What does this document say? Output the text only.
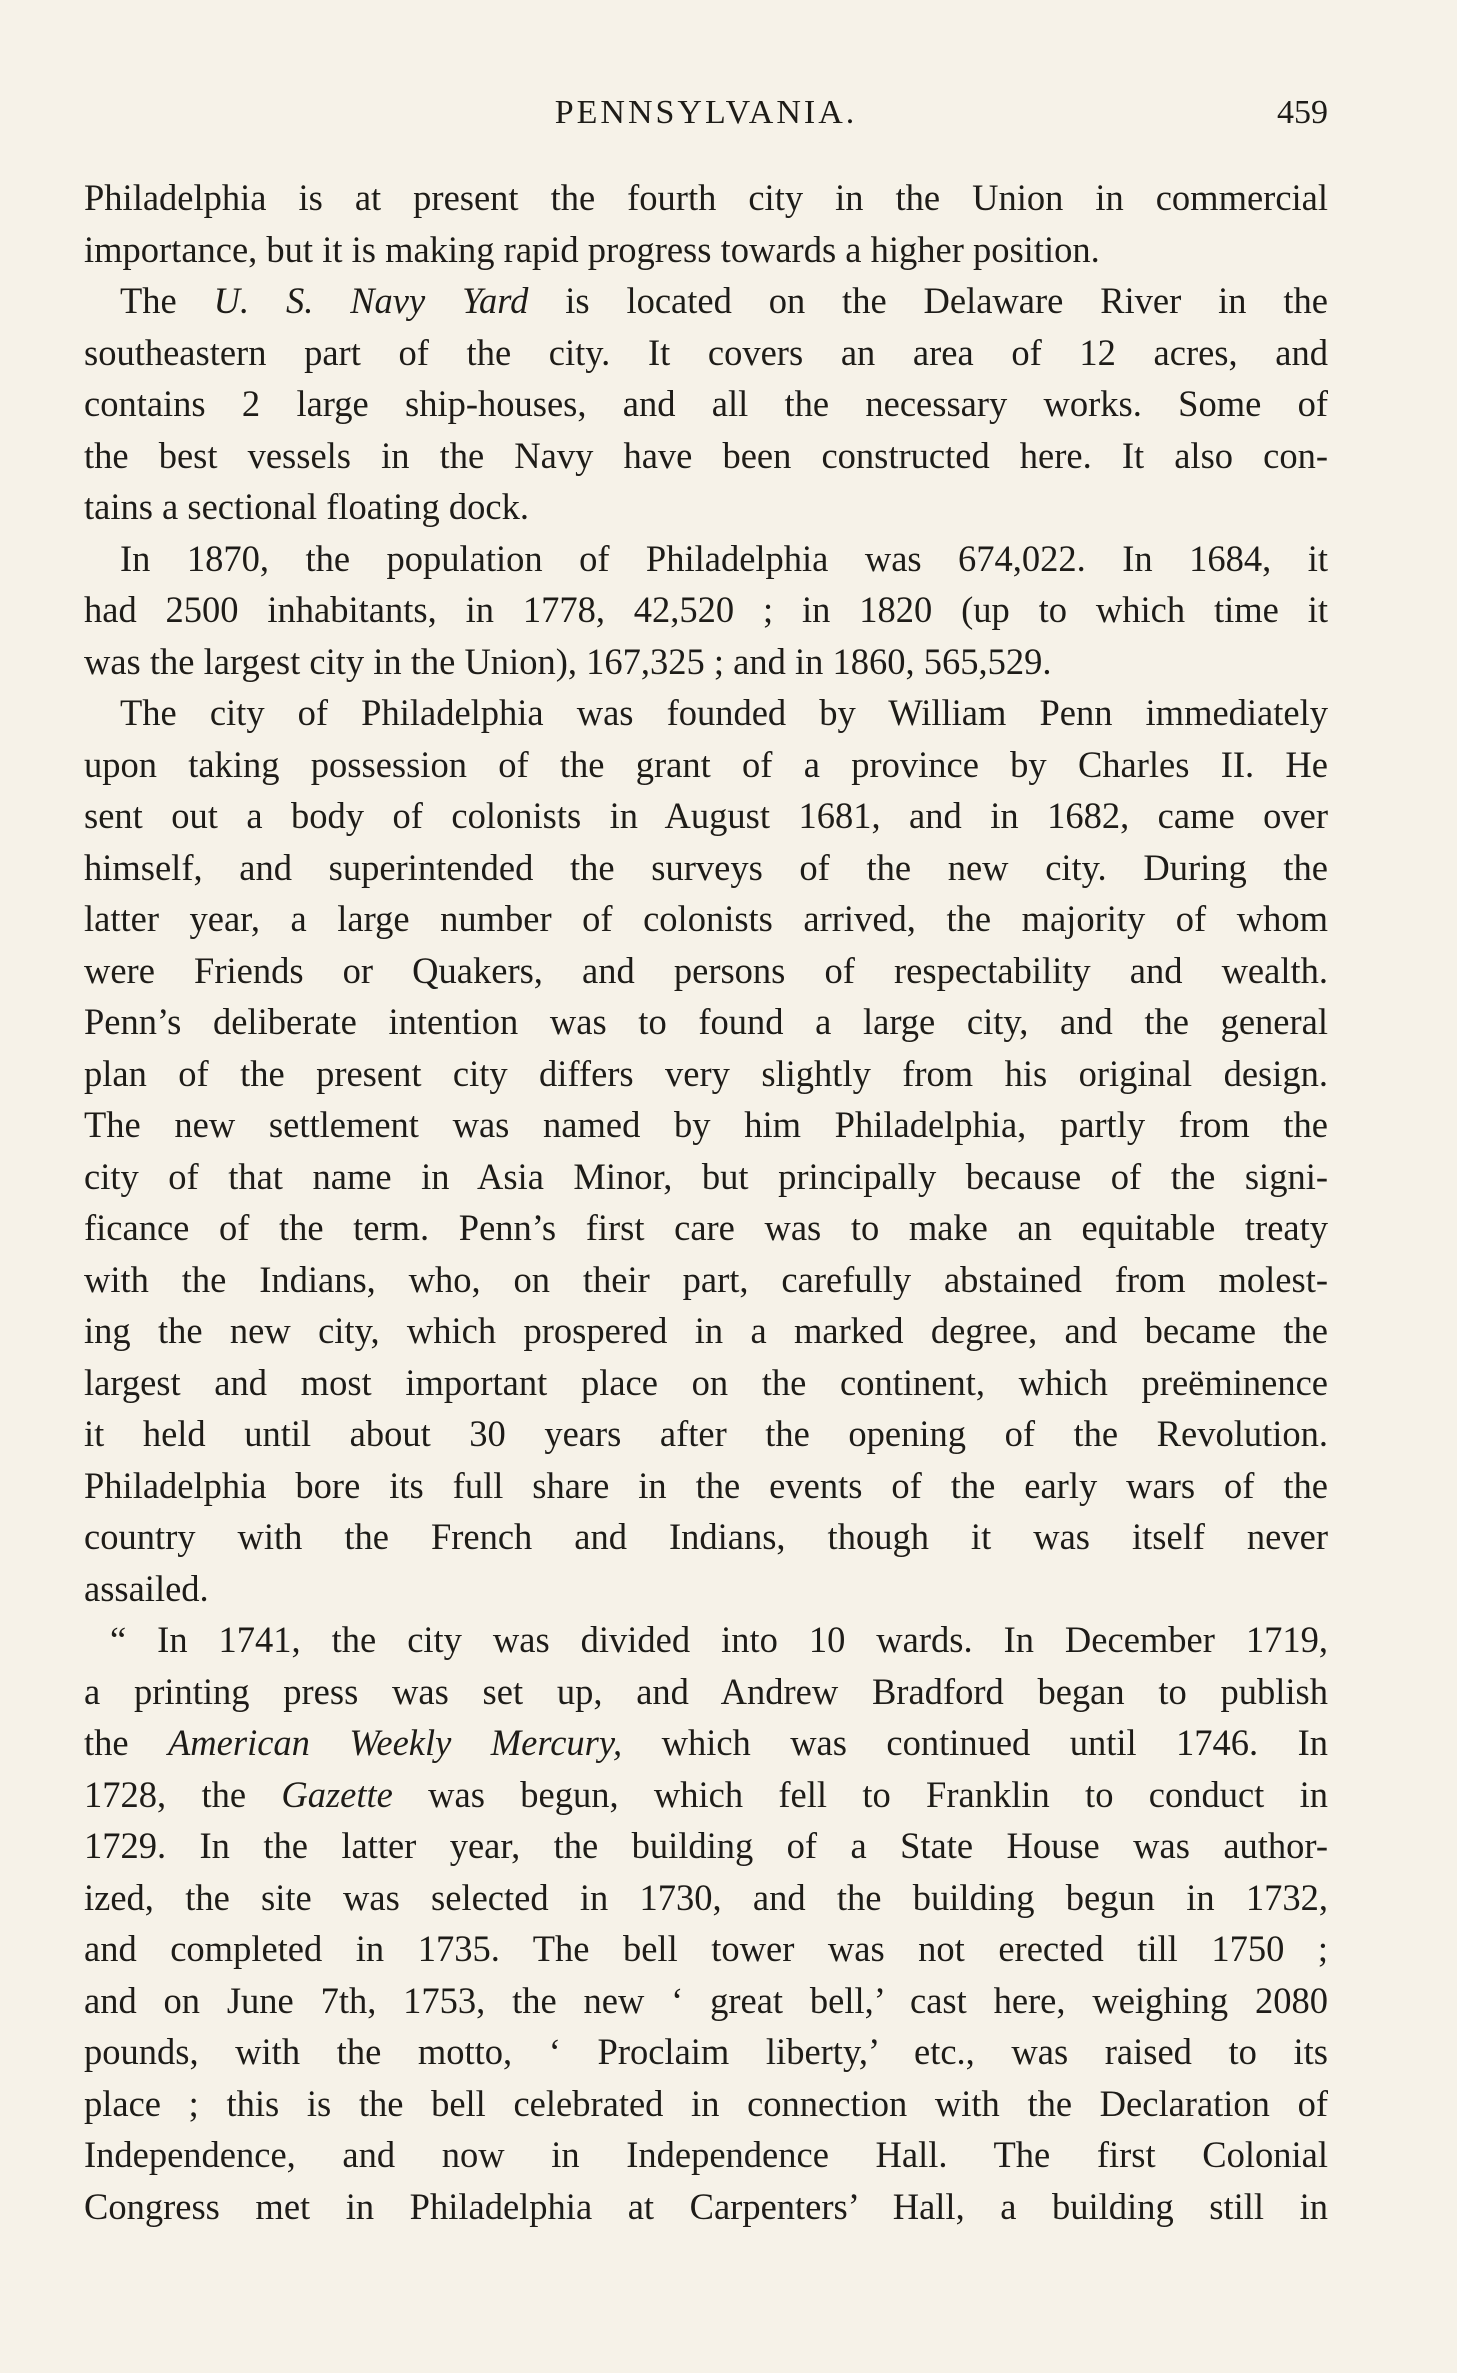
PENNSYLVANIA.	459
Philadelphia is at present the fourth city in the Union in commercial
importance, but it is making rapid progress towards a higher position.
The U. S. Navy Yard is located on the Delaware River in the
southeastern part of the city. It covers an area of 12 acres, and
contains 2 large ship-houses, and all the necessary works. Some of
the best vessels in the Navy have been constructed here. It also con-
tains a sectional floating dock.
In 1870, the population of Philadelphia was 674,022. In 1684, it
had 2500 inhabitants, in 1778, 42,520 ; in 1820 (up to which time it
was the largest city in the Union), 167,325 ; and in 1860, 565,529.
The city of Philadelphia was founded by William Penn immediately
upon taking possession of the grant of a province by Charles II. He
sent out a body of colonists in August 1681, and in 1682, came over
himself, and superintended the surveys of the new city. During the
latter year, a large number of colonists arrived, the majority of whom
were Friends or Quakers, and persons of respectability and wealth.
Penn’s deliberate intention was to found a large city, and the general
plan of the present city differs very slightly from his original design.
The new settlement was named by him Philadelphia, partly from the
city of that name in Asia Minor, but principally because of the signi-
ficance of the term. Penn’s first care was to make an equitable treaty
with the Indians, who, on their part, carefully abstained from molest-
ing the new city, which prospered in a marked degree, and became the
largest and most important place on the continent, which preëminence
it held until about 30 years after the opening of the Revolution.
Philadelphia bore its full share in the events of the early wars of the
country with the French and Indians, though it was itself never
assailed.
“ In 1741, the city was divided into 10 wards. In December 1719,
a printing press was set up, and Andrew Bradford began to publish
the American Weekly Mercury, which was continued until 1746. In
1728, the Gazette was begun, which fell to Franklin to conduct in
1729. In the latter year, the building of a State House was author-
ized, the site was selected in 1730, and the building begun in 1732,
and completed in 1735. The bell tower was not erected till 1750 ;
and on June 7th, 1753, the new ‘ great bell,’ cast here, weighing 2080
pounds, with the motto, ‘ Proclaim liberty,’ etc., was raised to its
place ; this is the bell celebrated in connection with the Declaration of
Independence, and now in Independence Hall. The first Colonial
Congress met in Philadelphia at Carpenters’ Hall, a building still in
